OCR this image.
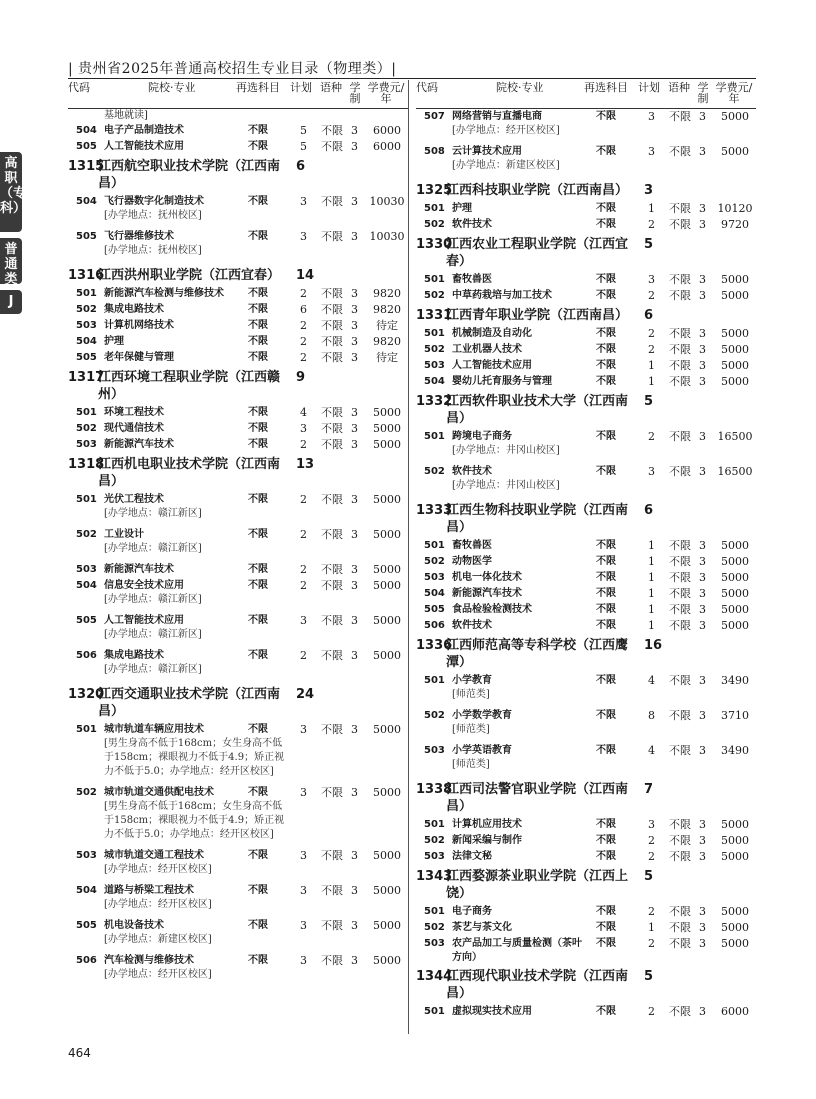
| 贵州省2025年普通高校招生专业目录（物理类）|
高职（专科）
普通类
J
代码	院校·专业	再选科目 计划 语种 学制
学费元/年
基地就读]
504 电子产品制造技术	不限	5 不限 3	6000
505 人工智能技术应用	不限	5 不限 3	6000
1315
江西航空职业技术学院（江西南昌）
6
504 飞行器数字化制造技术
[办学地点：抚州校区]
不限	3 不限 3 10030
505 飞行器维修技术
[办学地点：抚州校区]
不限	3 不限 3 10030
1316
江西洪州职业学院（江西宜春）	14
501 新能源汽车检测与维修技术	不限	2 不限 3	9820
502 集成电路技术	不限	6 不限 3	9820
503 计算机网络技术	不限	2 不限 3	待定
504 护理	不限	2 不限 3	9820
505 老年保健与管理	不限	2 不限 3	待定
1317
江西环境工程职业学院（江西赣州）
9
501 环境工程技术	不限	4 不限 3	5000
502 现代通信技术	不限	3 不限 3	5000
503 新能源汽车技术	不限	2 不限 3	5000
1318
江西机电职业技术学院（江西南昌）
13
501 光伏工程技术
[办学地点：赣江新区]
不限	2 不限 3	5000
502 工业设计
[办学地点：赣江新区]
不限	2 不限 3	5000
503 新能源汽车技术	不限	2 不限 3	5000
504 信息安全技术应用
[办学地点：赣江新区]
不限	2 不限 3	5000
505 人工智能技术应用
[办学地点：赣江新区]
不限	3 不限 3	5000
506 集成电路技术
[办学地点：赣江新区]
不限	2 不限 3	5000
1320
江西交通职业技术学院（江西南昌）
24
501 城市轨道车辆应用技术
[男生身高不低于168cm；女生身高不低于158cm；裸眼视力不低于4.9；矫正视力不低于5.0；办学地点：经开区校区]
不限	3 不限 3	5000
502 城市轨道交通供配电技术
[男生身高不低于168cm；女生身高不低于158cm；裸眼视力不低于4.9；矫正视力不低于5.0；办学地点：经开区校区]
不限	3 不限 3	5000
503 城市轨道交通工程技术
[办学地点：经开区校区]
不限	3 不限 3	5000
504 道路与桥梁工程技术
[办学地点：经开区校区]
不限	3 不限 3	5000
505 机电设备技术
[办学地点：新建区校区]
不限	3 不限 3	5000
506 汽车检测与维修技术
[办学地点：经开区校区]
不限	3 不限 3	5000
代码	院校·专业	再选科目 计划 语种 学制
学费元/年
507 网络营销与直播电商
[办学地点：经开区校区]
不限	3 不限 3	5000
508 云计算技术应用
[办学地点：新建区校区]
不限	3 不限 3	5000
1325
江西科技职业学院（江西南昌）	3
501 护理	不限	1 不限 3 10120
502 软件技术	不限	2 不限 3	9720
1330
江西农业工程职业学院（江西宜春）
5
501 畜牧兽医	不限	3 不限 3	5000
502 中草药栽培与加工技术	不限	2 不限 3	5000
1331
江西青年职业学院（江西南昌）	6
501 机械制造及自动化	不限	2 不限 3	5000
502 工业机器人技术	不限	2 不限 3	5000
503 人工智能技术应用	不限	1 不限 3	5000
504 婴幼儿托育服务与管理	不限	1 不限 3	5000
1332
江西软件职业技术大学（江西南昌）
5
501 跨境电子商务
[办学地点：井冈山校区]
不限	2 不限 3 16500
502 软件技术
[办学地点：井冈山校区]
不限	3 不限 3 16500
1333
江西生物科技职业学院（江西南昌）
6
501 畜牧兽医	不限	1 不限 3	5000
502 动物医学	不限	1 不限 3	5000
503 机电一体化技术	不限	1 不限 3	5000
504 新能源汽车技术	不限	1 不限 3	5000
505 食品检验检测技术	不限	1 不限 3	5000
506 软件技术	不限	1 不限 3	5000
1336
江西师范高等专科学校（江西鹰潭）
16
501 小学教育
[师范类]
不限	4 不限 3	3490
502 小学数学教育
[师范类]
不限	8 不限 3	3710
503 小学英语教育
[师范类]
不限	4 不限 3	3490
1338
江西司法警官职业学院（江西南昌）
7
501 计算机应用技术	不限	3 不限 3	5000
502 新闻采编与制作	不限	2 不限 3	5000
503 法律文秘	不限	2 不限 3	5000
1343
江西婺源茶业职业学院（江西上饶）
5
501 电子商务	不限	2 不限 3	5000
502 茶艺与茶文化	不限	1 不限 3	5000
503 农产品加工与质量检测（茶叶方向）
不限	2 不限 3	5000
1344
江西现代职业技术学院（江西南昌）
5
501 虚拟现实技术应用	不限	2 不限 3	6000
464
